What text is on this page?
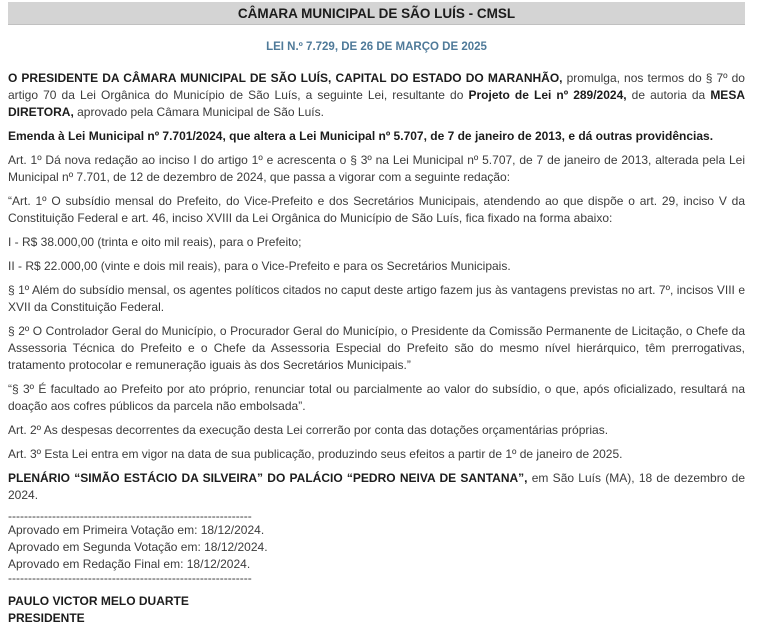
CÂMARA MUNICIPAL DE SÃO LUÍS - CMSL
LEI N.º 7.729, DE 26 DE MARÇO DE 2025
O PRESIDENTE DA CÂMARA MUNICIPAL DE SÃO LUÍS, CAPITAL DO ESTADO DO MARANHÃO, promulga, nos termos do § 7º do artigo 70 da Lei Orgânica do Município de São Luís, a seguinte Lei, resultante do Projeto de Lei nº 289/2024, de autoria da MESA DIRETORA, aprovado pela Câmara Municipal de São Luís.
Emenda à Lei Municipal nº 7.701/2024, que altera a Lei Municipal nº 5.707, de 7 de janeiro de 2013, e dá outras providências.
Art. 1º Dá nova redação ao inciso I do artigo 1º e acrescenta o § 3º na Lei Municipal nº 5.707, de 7 de janeiro de 2013, alterada pela Lei Municipal nº 7.701, de 12 de dezembro de 2024, que passa a vigorar com a seguinte redação:
“Art. 1º O subsídio mensal do Prefeito, do Vice-Prefeito e dos Secretários Municipais, atendendo ao que dispõe o art. 29, inciso V da Constituição Federal e art. 46, inciso XVIII da Lei Orgânica do Município de São Luís, fica fixado na forma abaixo:
I - R$ 38.000,00 (trinta e oito mil reais), para o Prefeito;
II - R$ 22.000,00 (vinte e dois mil reais), para o Vice-Prefeito e para os Secretários Municipais.
§ 1º Além do subsídio mensal, os agentes políticos citados no caput deste artigo fazem jus às vantagens previstas no art. 7º, incisos VIII e XVII da Constituição Federal.
§ 2º O Controlador Geral do Município, o Procurador Geral do Município, o Presidente da Comissão Permanente de Licitação, o Chefe da Assessoria Técnica do Prefeito e o Chefe da Assessoria Especial do Prefeito são do mesmo nível hierárquico, têm prerrogativas, tratamento protocolar e remuneração iguais às dos Secretários Municipais.”
“§ 3º É facultado ao Prefeito por ato próprio, renunciar total ou parcialmente ao valor do subsídio, o que, após oficializado, resultará na doação aos cofres públicos da parcela não embolsada”.
Art. 2º As despesas decorrentes da execução desta Lei correrão por conta das dotações orçamentárias próprias.
Art. 3º Esta Lei entra em vigor na data de sua publicação, produzindo seus efeitos a partir de 1º de janeiro de 2025.
PLENÁRIO “SIMÃO ESTÁCIO DA SILVEIRA” DO PALÁCIO “PEDRO NEIVA DE SANTANA”, em São Luís (MA), 18 de dezembro de 2024.
-------------------------------------------------------------
Aprovado em Primeira Votação em: 18/12/2024.
Aprovado em Segunda Votação em: 18/12/2024.
Aprovado em Redação Final em: 18/12/2024.
-------------------------------------------------------------
PAULO VICTOR MELO DUARTE
PRESIDENTE
